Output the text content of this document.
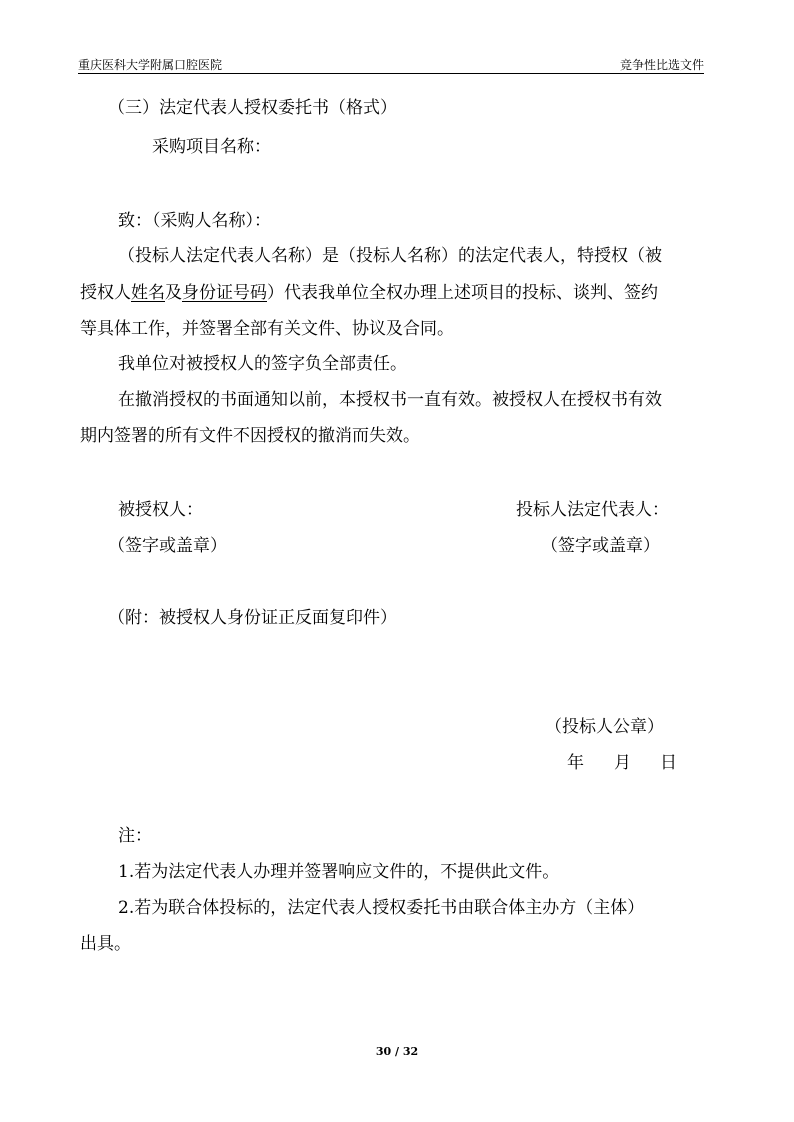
重庆医科大学附属口腔医院	竞争性比选文件
（三）法定代表人授权委托书（格式）
采购项目名称：
致：（采购人名称）：
（投标人法定代表人名称）是（投标人名称）的法定代表人，特授权（被
授权人姓名及身份证号码）代表我单位全权办理上述项目的投标、谈判、签约
等具体工作，并签署全部有关文件、协议及合同。
我单位对被授权人的签字负全部责任。
在撤消授权的书面通知以前，本授权书一直有效。被授权人在授权书有效
期内签署的所有文件不因授权的撤消而失效。
被授权人：	投标人法定代表人：
（签字或盖章）	（签字或盖章）
（附：被授权人身份证正反面复印件）
（投标人公章）
年 月 日
注：
1.若为法定代表人办理并签署响应文件的，不提供此文件。
2.若为联合体投标的，法定代表人授权委托书由联合体主办方（主体）
出具。
30 / 32
